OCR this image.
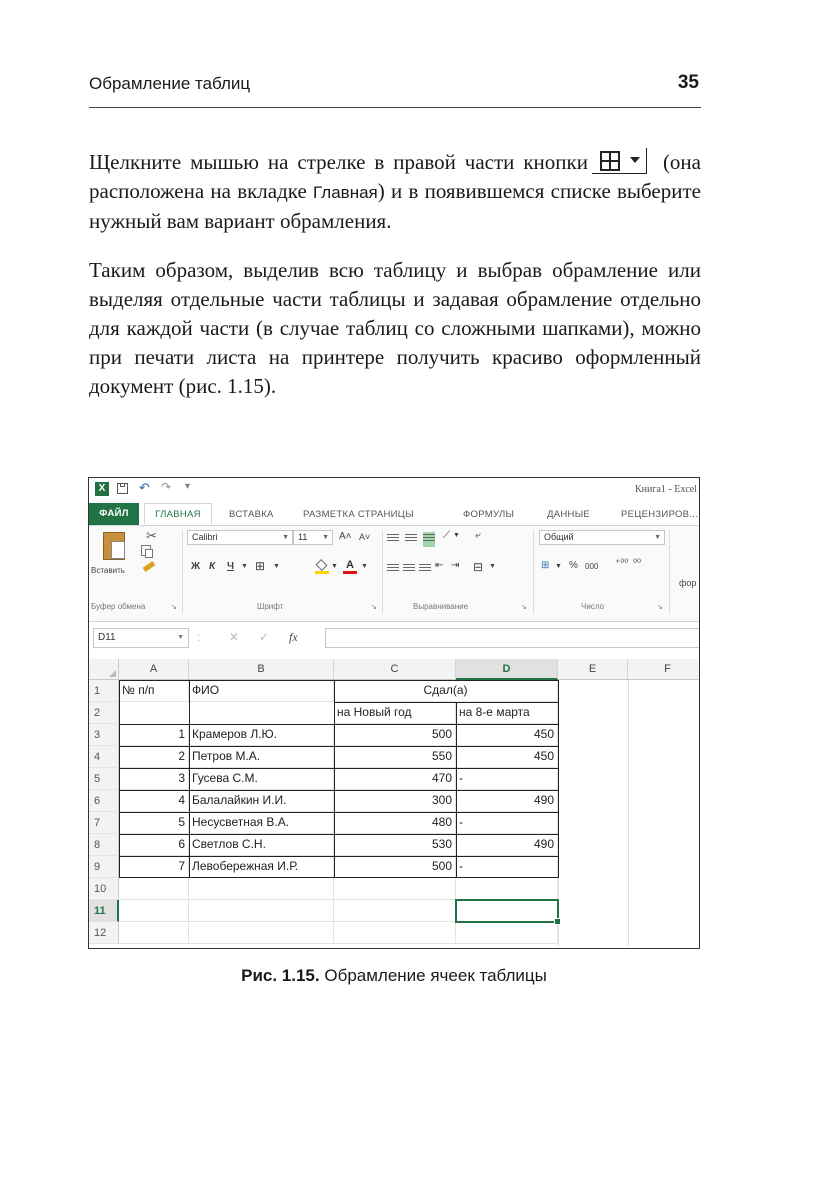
Обрамление таблиц	35
Щелкните мышью на стрелке в правой части кнопки	(она расположена на вкладке Главная) и в появившемся списке выберите нужный вам вариант обрамления.
Таким образом, выделив всю таблицу и выбрав обрамление или выделяя отдельные части таблицы и задавая обрамление отдельно для каждой части (в случае таблиц со сложными шапками), можно при печати листа на принтере получить красиво оформленный документ (рис. 1.15).
X	↶ ↷ ▾	Книга1 - Excel
ФАЙЛ	ГЛАВНАЯ	ВСТАВКА	РАЗМЕТКА СТРАНИЦЫ	ФОРМУЛЫ	ДАННЫЕ	РЕЦЕНЗИРОВ...
Вставить
✂
Буфер обмена	↘
Calibri	▼	11 ▼ A˄ A˅
Ж К Ч ▼ ⊞ ▼	▼ A	▼
Шрифт	↘
⟋ ▼ ⤶
⇤ ⇥ ⊟ ▼
Выравнивание	↘
Общий	▼
⊞ ▼ % 000 ⁺⁰⁰ ⁰⁰
Число	↘
фор
D11	▼ : ✕ ✓ fx
A	B	C	D	E	F
1
2
3
4
5
6
7
8
9
10
11
12
№ п/п	ФИО	Сдал(а)
на Новый год	на 8-е марта
1 Крамеров Л.Ю.	500	450
2 Петров М.А.	550	450
3 Гусева С.М.	470 -
4 Балалайкин И.И.	300	490
5 Несусветная В.А.	480 -
6 Светлов С.Н.	530	490
7 Левобережная И.Р.	500 -
Рис. 1.15. Обрамление ячеек таблицы
